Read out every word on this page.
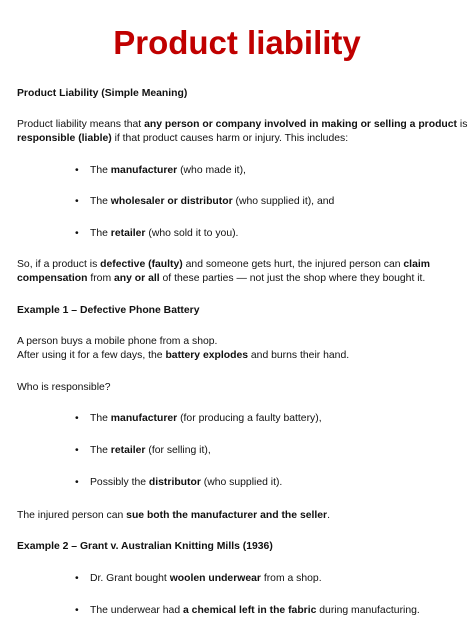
Product liability
Product Liability (Simple Meaning)
Product liability means that any person or company involved in making or selling a product is
responsible (liable) if that product causes harm or injury. This includes:
• The manufacturer (who made it),
• The wholesaler or distributor (who supplied it), and
• The retailer (who sold it to you).
So, if a product is defective (faulty) and someone gets hurt, the injured person can claim
compensation from any or all of these parties — not just the shop where they bought it.
Example 1 – Defective Phone Battery
A person buys a mobile phone from a shop.
After using it for a few days, the battery explodes and burns their hand.
Who is responsible?
• The manufacturer (for producing a faulty battery),
• The retailer (for selling it),
• Possibly the distributor (who supplied it).
The injured person can sue both the manufacturer and the seller.
Example 2 – Grant v. Australian Knitting Mills (1936)
• Dr. Grant bought woolen underwear from a shop.
• The underwear had a chemical left in the fabric during manufacturing.
